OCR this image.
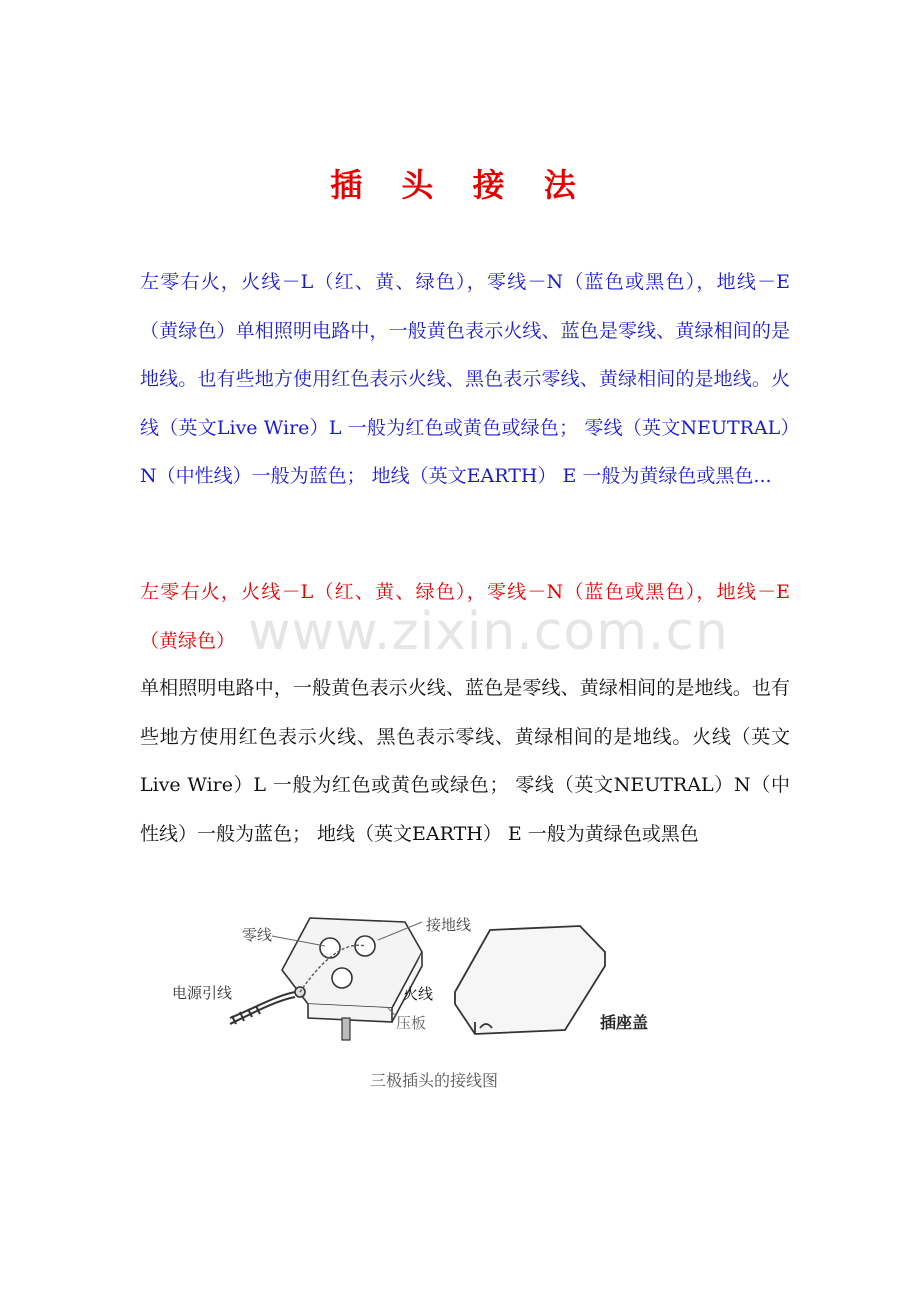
插 头 接 法

左零右火，火线－L（红、黄、绿色），零线－N（蓝色或黑色），地线－E（黄绿色）单相照明电路中，一般黄色表示火线、蓝色是零线、黄绿相间的是地线。也有些地方使用红色表示火线、黑色表示零线、黄绿相间的是地线。火线（英文Live Wire）L 一般为红色或黄色或绿色； 零线（英文NEUTRAL）N（中性线）一般为蓝色； 地线（英文EARTH） E 一般为黄绿色或黑色...

左零右火，火线－L（红、黄、绿色），零线－N（蓝色或黑色），地线－E（黄绿色） www.zixin.com.cn

单相照明电路中，一般黄色表示火线、蓝色是零线、黄绿相间的是地线。也有些地方使用红色表示火线、黑色表示零线、黄绿相间的是地线。火线（英文Live Wire）L 一般为红色或黄色或绿色； 零线（英文NEUTRAL）N（中性线）一般为蓝色； 地线（英文EARTH） E 一般为黄绿色或黑色

零线
接地线
电源引线	火线
压板	插座盖
三极插头的接线图
